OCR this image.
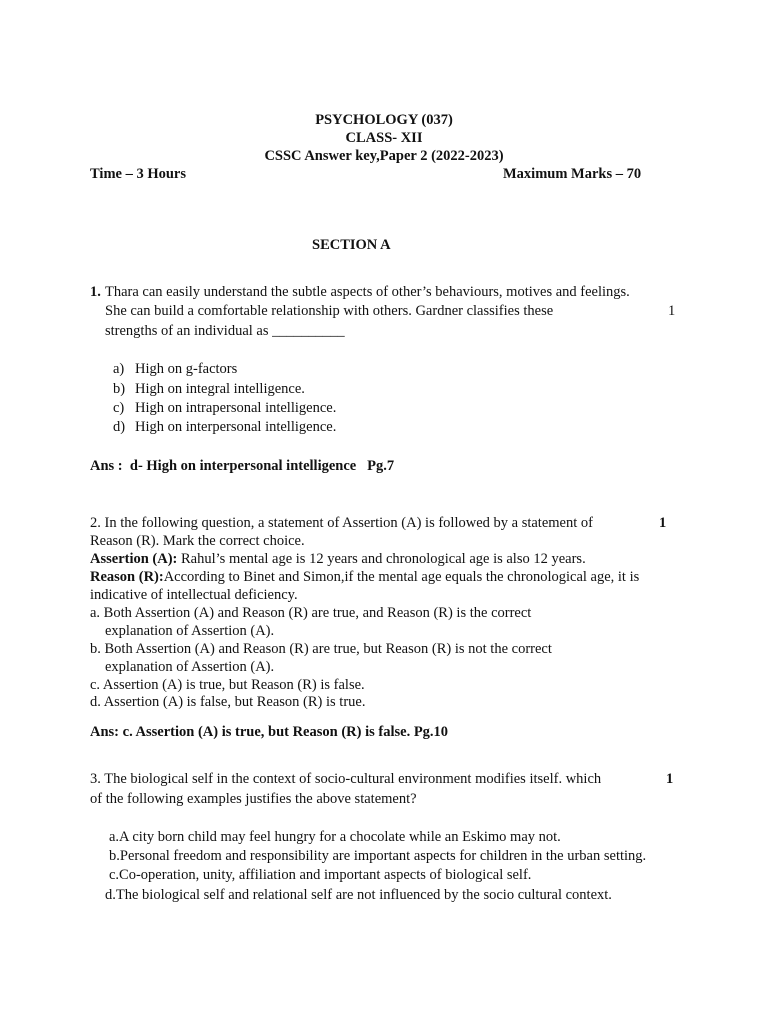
PSYCHOLOGY (037)
CLASS- XII
CSSC Answer key,Paper 2 (2022-2023)
Time – 3 Hours	Maximum Marks – 70
SECTION A
1. Thara can easily understand the subtle aspects of other’s behaviours, motives and feelings.
She can build a comfortable relationship with others. Gardner classifies these	1
strengths of an individual as __________
a) High on g-factors
b) High on integral intelligence.
c) High on intrapersonal intelligence.
d) High on interpersonal intelligence.
Ans :  d- High on interpersonal intelligence   Pg.7
2. In the following question, a statement of Assertion (A) is followed by a statement of	1
Reason (R). Mark the correct choice.
Assertion (A): Rahul’s mental age is 12 years and chronological age is also 12 years.
Reason (R):According to Binet and Simon,if the mental age equals the chronological age, it is
indicative of intellectual deficiency.
a. Both Assertion (A) and Reason (R) are true, and Reason (R) is the correct
explanation of Assertion (A).
b. Both Assertion (A) and Reason (R) are true, but Reason (R) is not the correct
explanation of Assertion (A).
c. Assertion (A) is true, but Reason (R) is false.
d. Assertion (A) is false, but Reason (R) is true.
Ans: c. Assertion (A) is true, but Reason (R) is false. Pg.10
3. The biological self in the context of socio-cultural environment modifies itself. which	1
of the following examples justifies the above statement?
a.A city born child may feel hungry for a chocolate while an Eskimo may not.
b.Personal freedom and responsibility are important aspects for children in the urban setting.
c.Co-operation, unity, affiliation and important aspects of biological self.
d.The biological self and relational self are not influenced by the socio cultural context.
